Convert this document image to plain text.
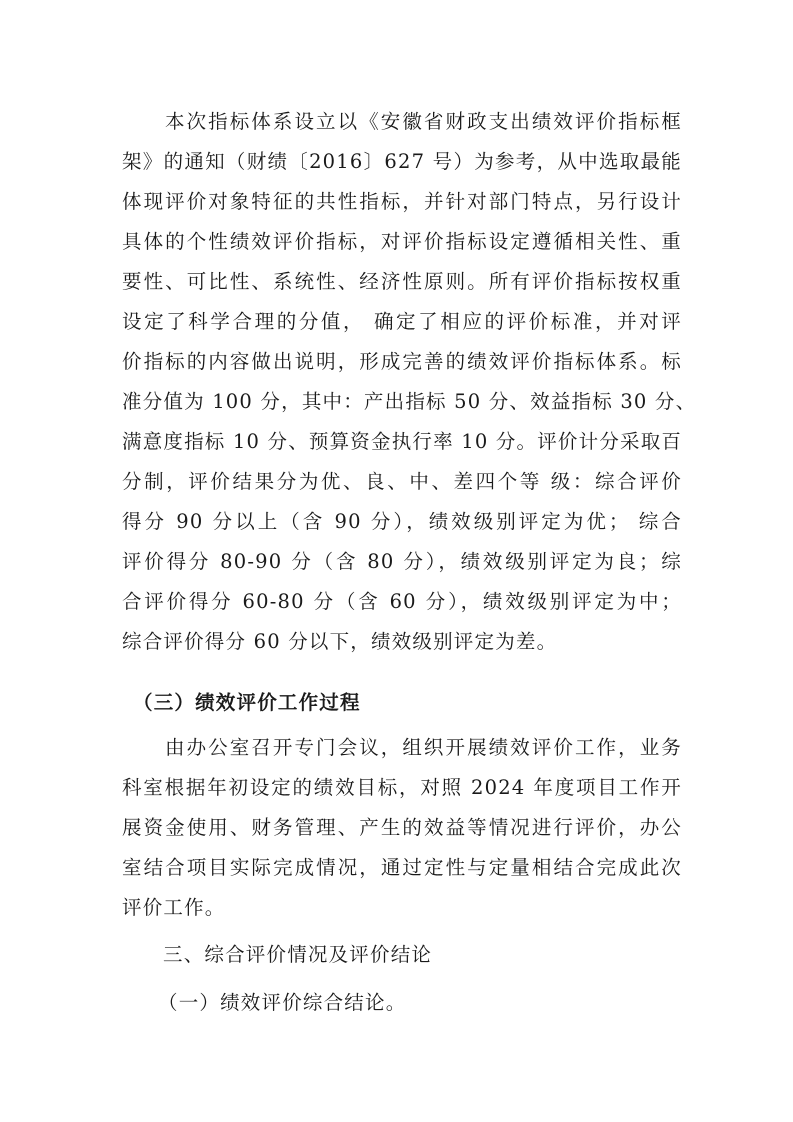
本次指标体系设立以《安徽省财政支出绩效评价指标框
架》的通知（财绩〔2016〕627 号）为参考，从中选取最能
体现评价对象特征的共性指标，并针对部门特点，另行设计
具体的个性绩效评价指标，对评价指标设定遵循相关性、重
要性、可比性、系统性、经济性原则。所有评价指标按权重
设定了科学合理的分值， 确定了相应的评价标准，并对评
价指标的内容做出说明，形成完善的绩效评价指标体系。标
准分值为 100 分，其中：产出指标 50 分、效益指标 30 分、
满意度指标 10 分、预算资金执行率 10 分。评价计分采取百
分制，评价结果分为优、良、中、差四个等 级：综合评价
得分 90 分以上（含 90 分），绩效级别评定为优； 综合
评价得分 80-90 分（含 80 分），绩效级别评定为良；综
合评价得分 60-80 分（含 60 分），绩效级别评定为中；
综合评价得分 60 分以下，绩效级别评定为差。
（三）绩效评价工作过程
由办公室召开专门会议，组织开展绩效评价工作，业务
科室根据年初设定的绩效目标，对照 2024 年度项目工作开
展资金使用、财务管理、产生的效益等情况进行评价，办公
室结合项目实际完成情况，通过定性与定量相结合完成此次
评价工作。
三、综合评价情况及评价结论
（一）绩效评价综合结论。
